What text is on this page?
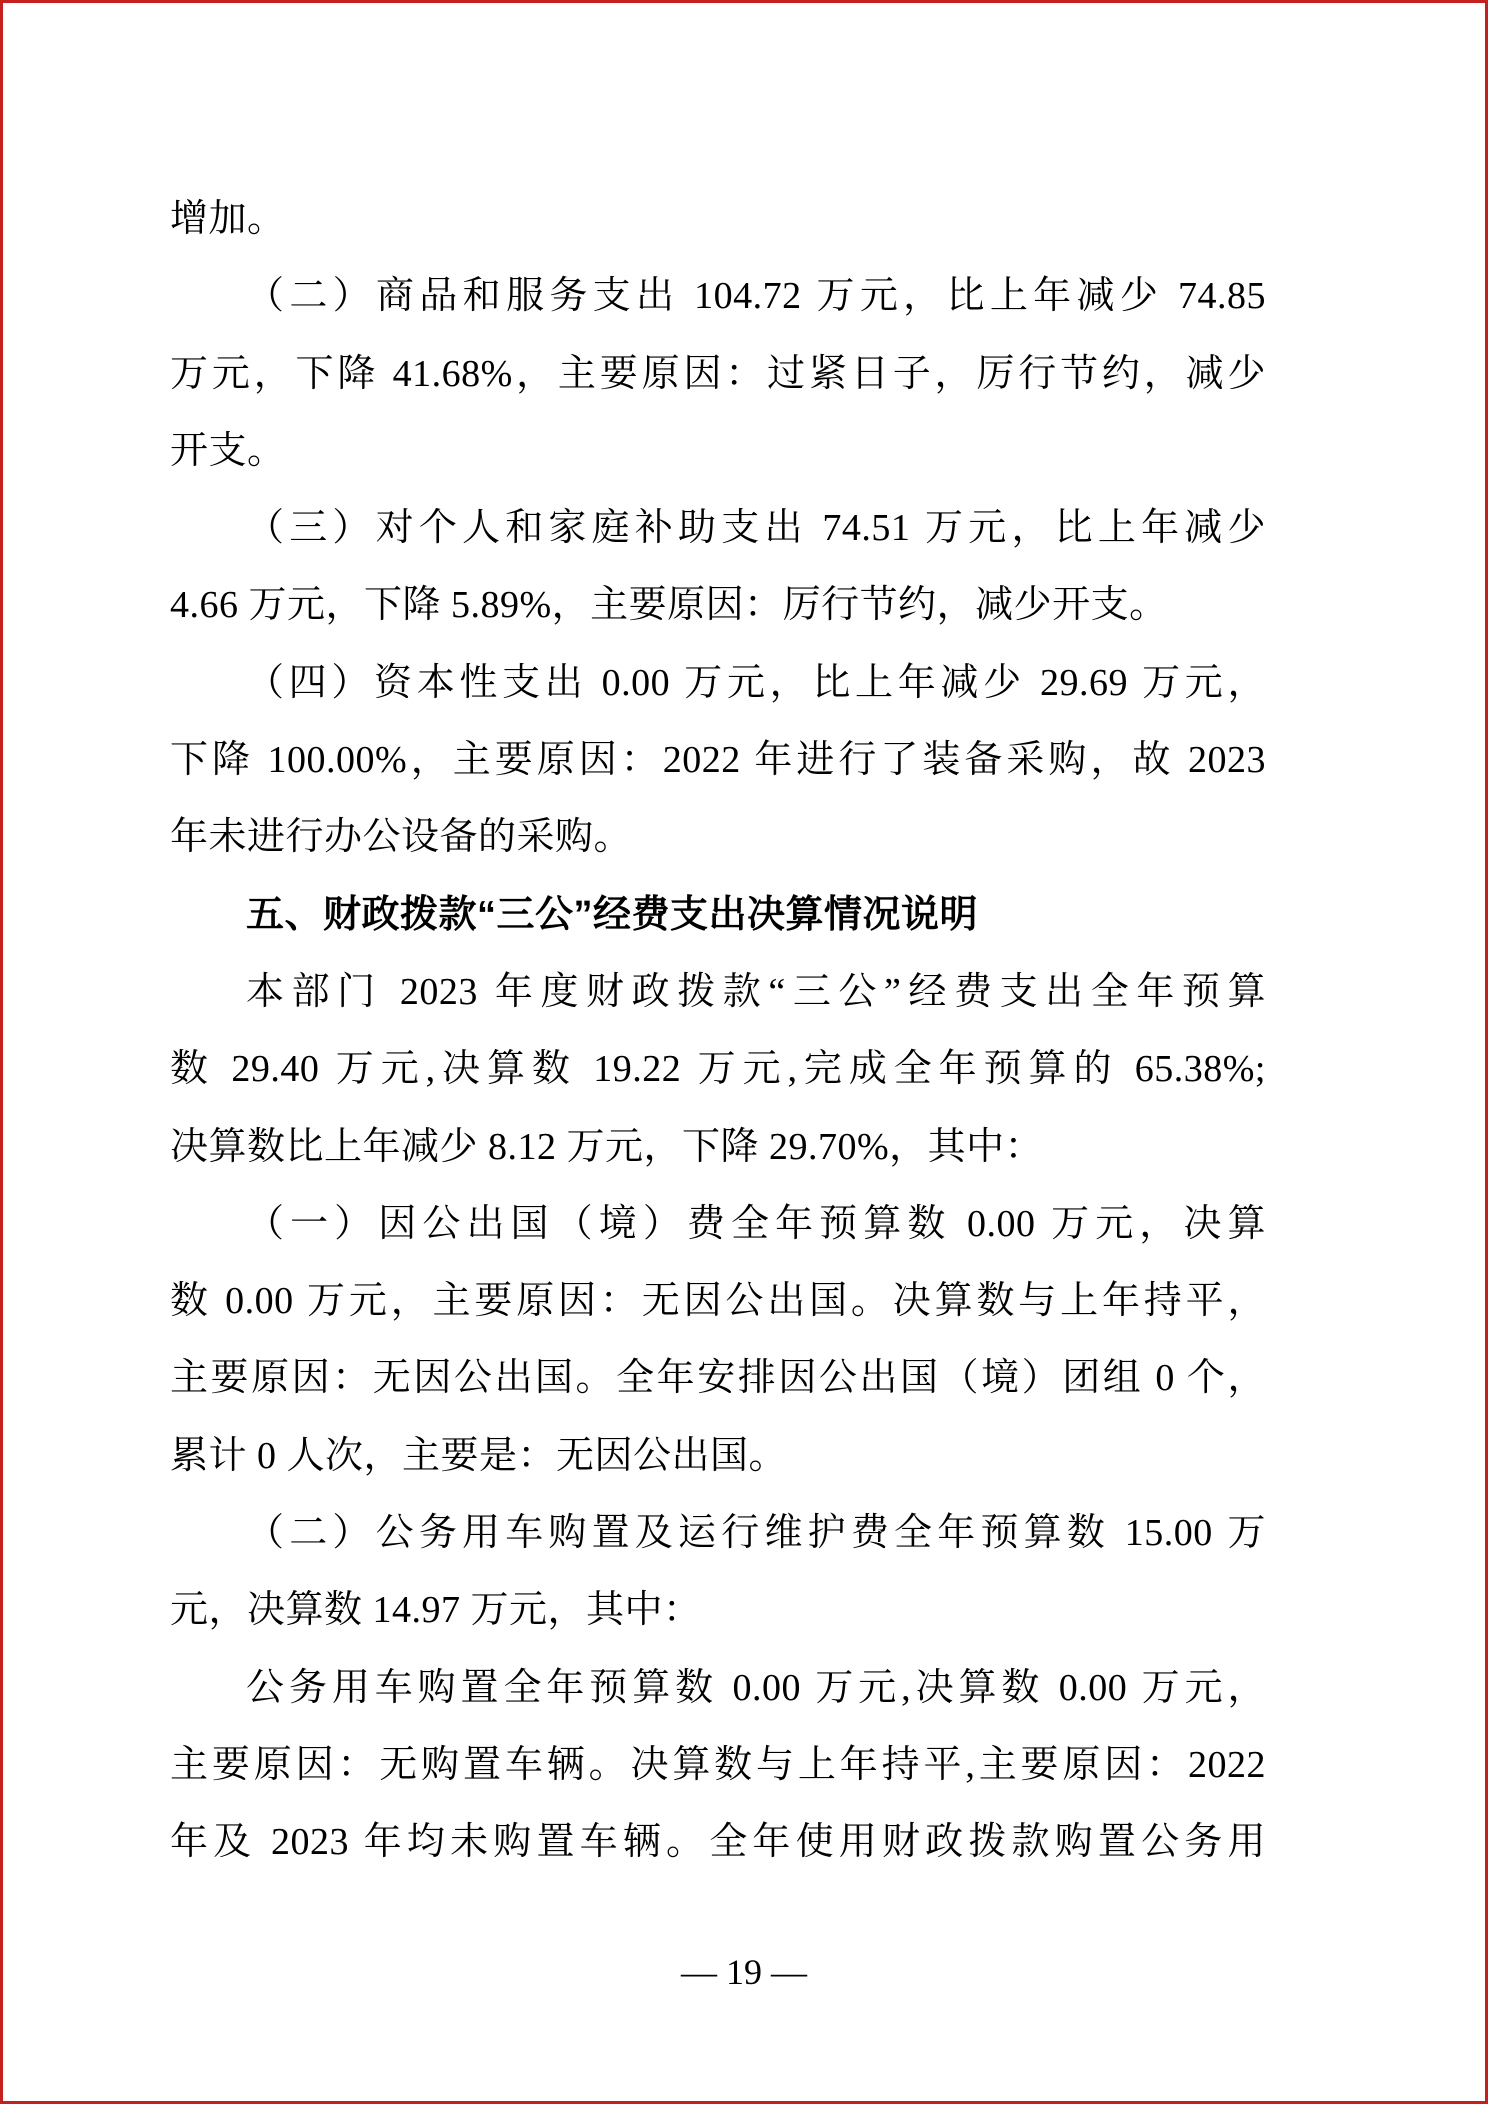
增加。
（二）商品和服务支出 104.72 万元，比上年减少 74.85
万元，下降 41.68%，主要原因：过紧日子，厉行节约，减少
开支。
（三）对个人和家庭补助支出 74.51 万元，比上年减少
4.66 万元，下降 5.89%，主要原因：厉行节约，减少开支。
（四）资本性支出 0.00 万元，比上年减少 29.69 万元，
下降 100.00%，主要原因：2022 年进行了装备采购，故 2023
年未进行办公设备的采购。
五、财政拨款“三公”经费支出决算情况说明
本部门 2023 年度财政拨款“三公”经费支出全年预算
数 29.40 万元,决算数 19.22 万元,完成全年预算的 65.38%;
决算数比上年减少 8.12 万元，下降 29.70%，其中：
（一）因公出国（境）费全年预算数 0.00 万元，决算
数 0.00 万元，主要原因：无因公出国。决算数与上年持平，
主要原因：无因公出国。全年安排因公出国（境）团组 0 个，
累计 0 人次，主要是：无因公出国。
（二）公务用车购置及运行维护费全年预算数 15.00 万
元，决算数 14.97 万元，其中：
公务用车购置全年预算数 0.00 万元,决算数 0.00 万元，
主要原因：无购置车辆。决算数与上年持平,主要原因：2022
年及 2023 年均未购置车辆。全年使用财政拨款购置公务用
— 19 —
